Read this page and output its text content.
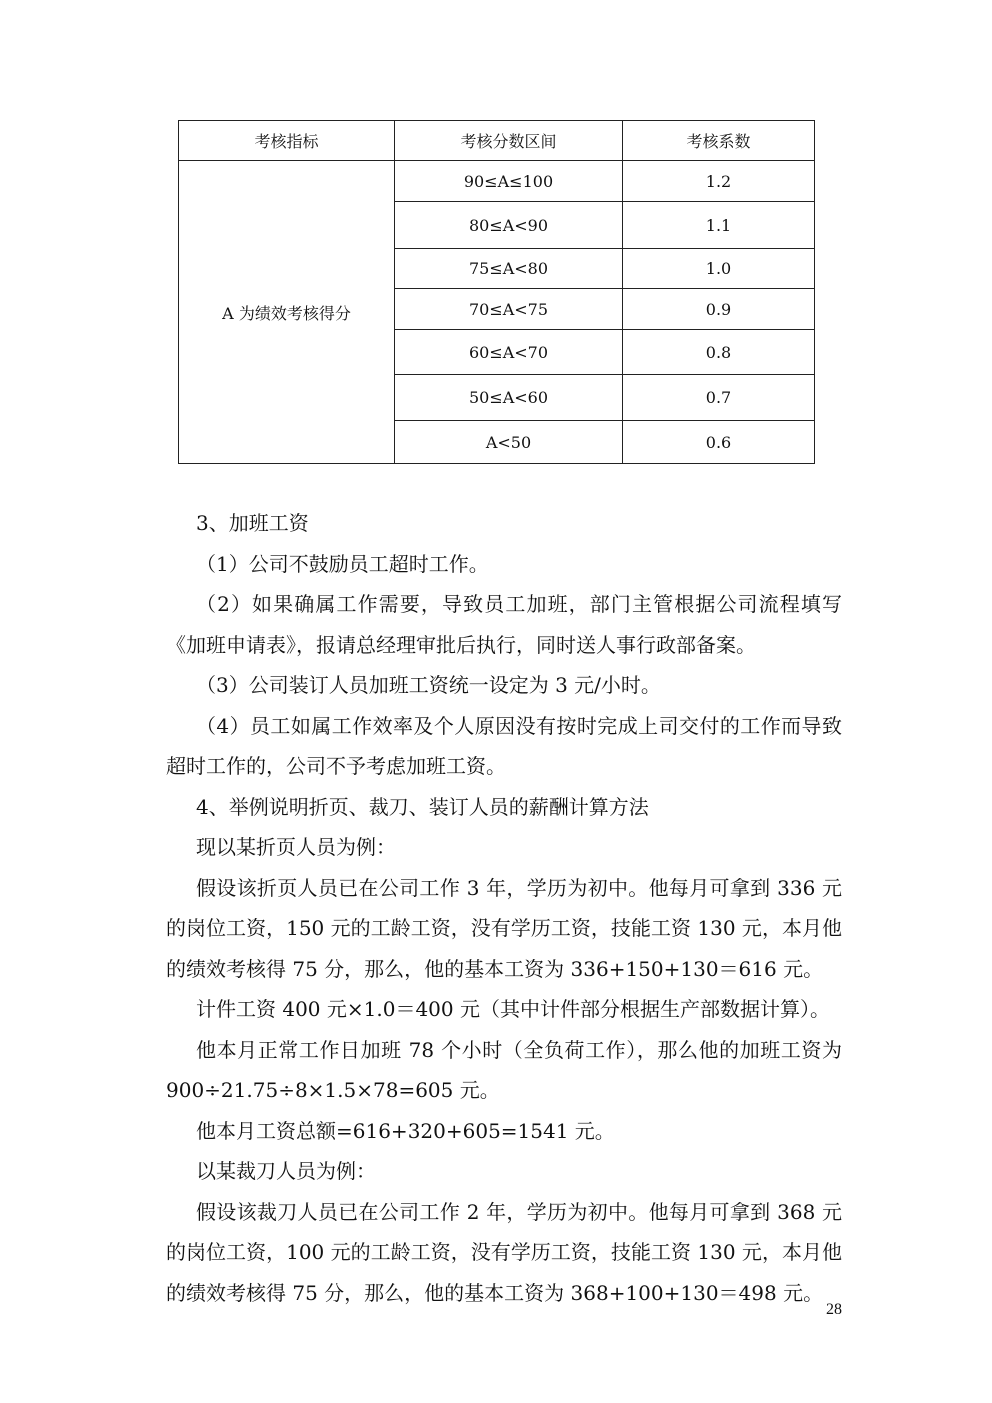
考核指标	考核分数区间	考核系数
A 为绩效考核得分	90≤A≤100	1.2
	80≤A<90	1.1
	75≤A<80	1.0
	70≤A<75	0.9
	60≤A<70	0.8
	50≤A<60	0.7
	A<50	0.6

3、加班工资

（1）公司不鼓励员工超时工作。

（2）如果确属工作需要，导致员工加班，部门主管根据公司流程填写《加班申请表》，报请总经理审批后执行，同时送人事行政部备案。

（3）公司装订人员加班工资统一设定为 3 元/小时。

（4）员工如属工作效率及个人原因没有按时完成上司交付的工作而导致超时工作的，公司不予考虑加班工资。

4、举例说明折页、裁刀、装订人员的薪酬计算方法

现以某折页人员为例：

假设该折页人员已在公司工作 3 年，学历为初中。他每月可拿到 336 元的岗位工资，150 元的工龄工资，没有学历工资，技能工资 130 元，本月他的绩效考核得 75 分，那么，他的基本工资为 336+150+130＝616 元。

计件工资 400 元×1.0＝400 元（其中计件部分根据生产部数据计算）。

他本月正常工作日加班 78 个小时（全负荷工作），那么他的加班工资为 900÷21.75÷8×1.5×78=605 元。

他本月工资总额=616+320+605=1541 元。

以某裁刀人员为例：

假设该裁刀人员已在公司工作 2 年，学历为初中。他每月可拿到 368 元的岗位工资，100 元的工龄工资，没有学历工资，技能工资 130 元，本月他的绩效考核得 75 分，那么，他的基本工资为 368+100+130＝498 元。

28
